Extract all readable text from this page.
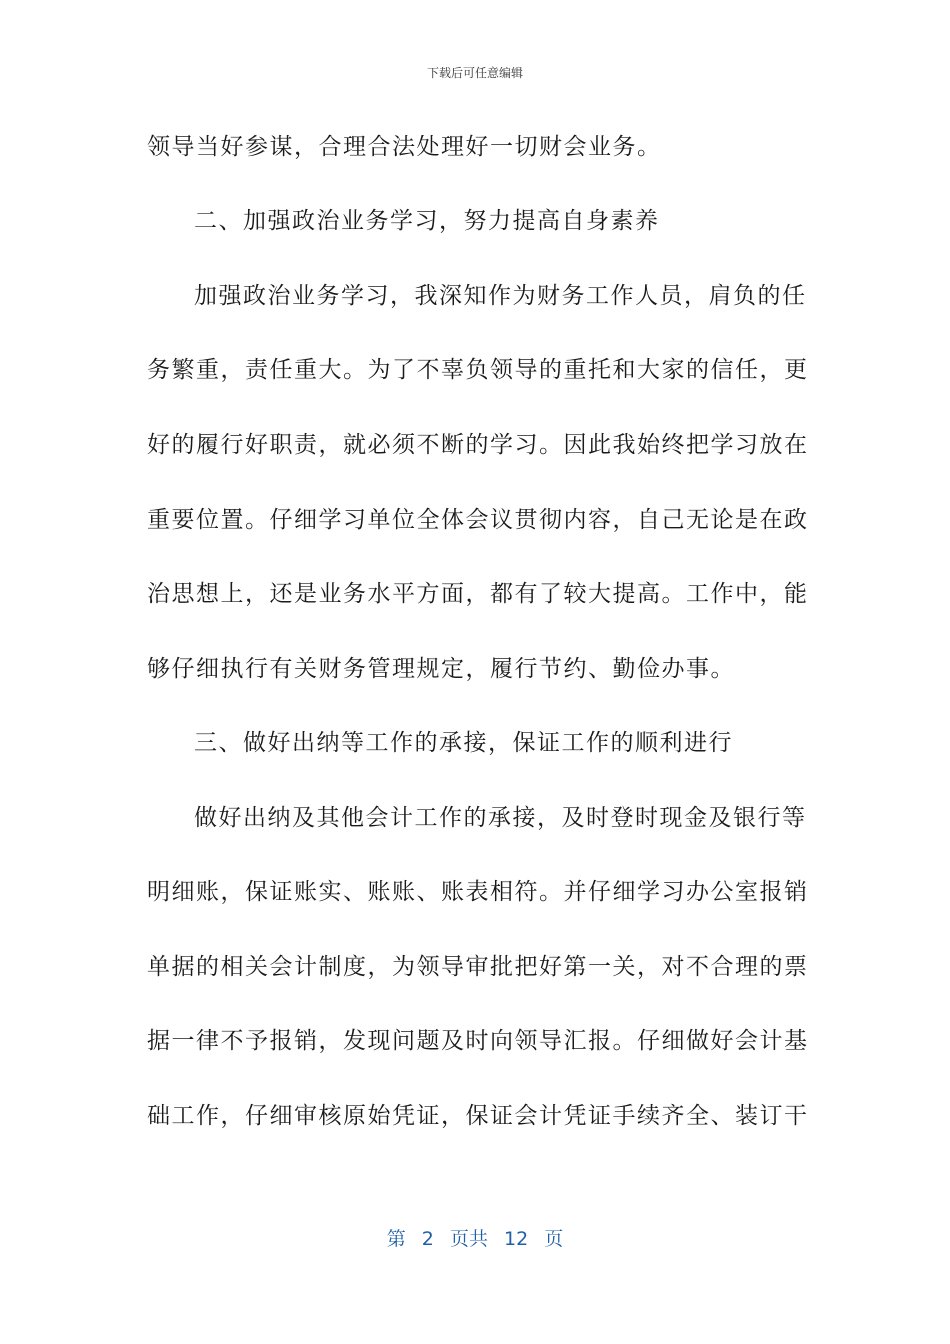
下载后可任意编辑
领导当好参谋，合理合法处理好一切财会业务。
二、加强政治业务学习，努力提高自身素养
加强政治业务学习，我深知作为财务工作人员，肩负的任
务繁重，责任重大。为了不辜负领导的重托和大家的信任，更
好的履行好职责，就必须不断的学习。因此我始终把学习放在
重要位置。仔细学习单位全体会议贯彻内容，自己无论是在政
治思想上，还是业务水平方面，都有了较大提高。工作中，能
够仔细执行有关财务管理规定，履行节约、勤俭办事。
三、做好出纳等工作的承接，保证工作的顺利进行
做好出纳及其他会计工作的承接，及时登时现金及银行等
明细账，保证账实、账账、账表相符。并仔细学习办公室报销
单据的相关会计制度，为领导审批把好第一关，对不合理的票
据一律不予报销，发现问题及时向领导汇报。仔细做好会计基
础工作，仔细审核原始凭证，保证会计凭证手续齐全、装订干
第 2 页共 12 页
